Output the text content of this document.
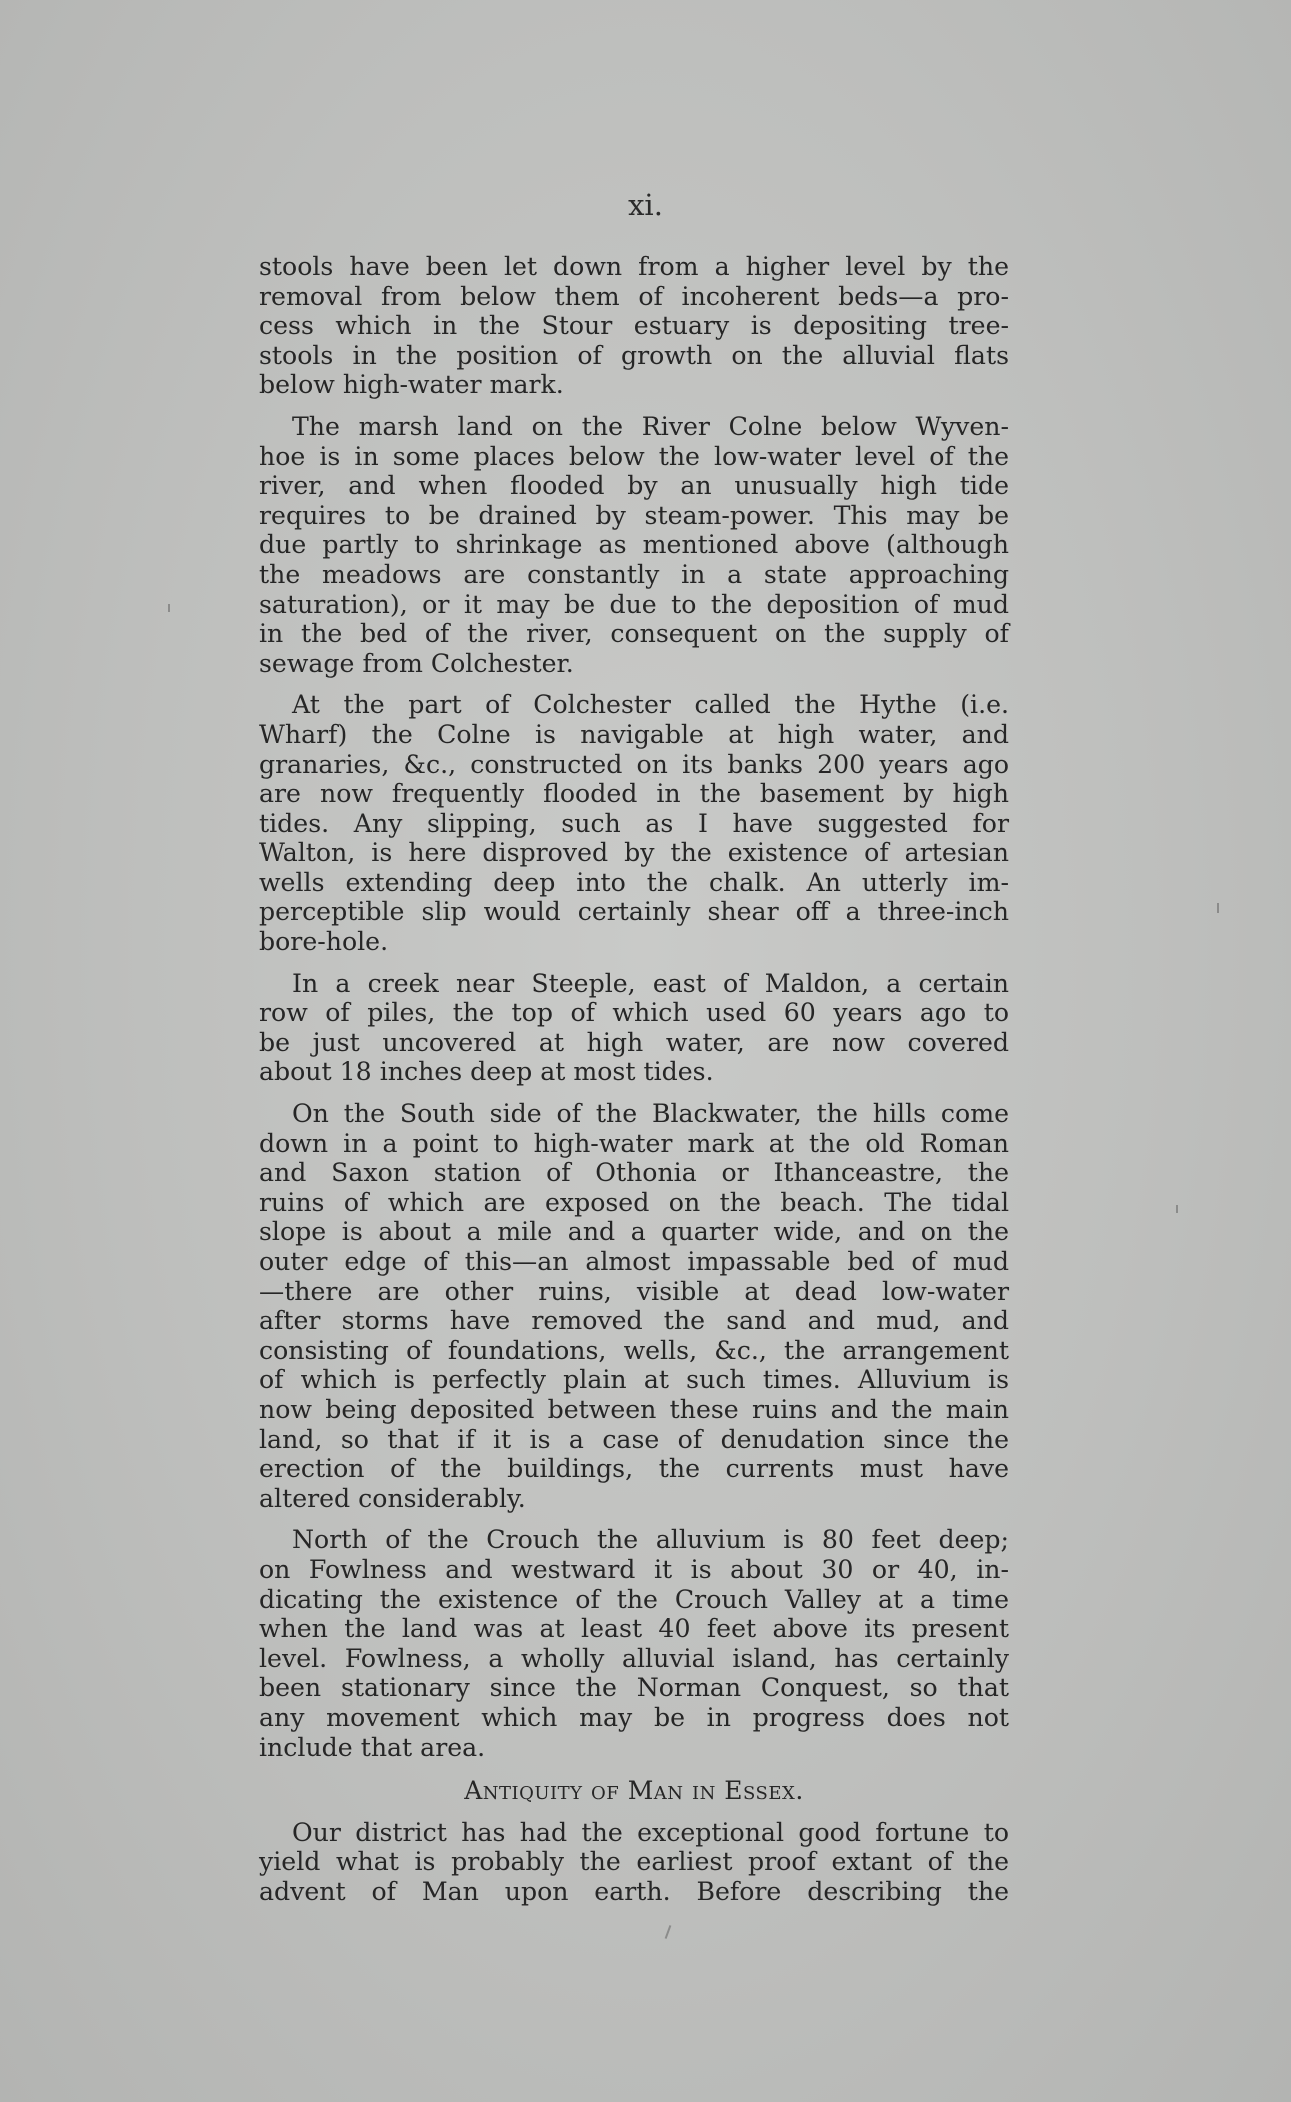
xi.
stools have been let down from a higher level by the
removal from below them of incoherent beds—a pro-
cess which in the Stour estuary is depositing tree-
stools in the position of growth on the alluvial flats
below high-water mark.
The marsh land on the River Colne below Wyven-
hoe is in some places below the low-water level of the
river, and when flooded by an unusually high tide
requires to be drained by steam-power. This may be
due partly to shrinkage as mentioned above (although
the meadows are constantly in a state approaching
saturation), or it may be due to the deposition of mud
in the bed of the river, consequent on the supply of
sewage from Colchester.
At the part of Colchester called the Hythe (i.e.
Wharf) the Colne is navigable at high water, and
granaries, &c., constructed on its banks 200 years ago
are now frequently flooded in the basement by high
tides. Any slipping, such as I have suggested for
Walton, is here disproved by the existence of artesian
wells extending deep into the chalk. An utterly im-
perceptible slip would certainly shear off a three-inch
bore-hole.
In a creek near Steeple, east of Maldon, a certain
row of piles, the top of which used 60 years ago to
be just uncovered at high water, are now covered
about 18 inches deep at most tides.
On the South side of the Blackwater, the hills come
down in a point to high-water mark at the old Roman
and Saxon station of Othonia or Ithanceastre, the
ruins of which are exposed on the beach. The tidal
slope is about a mile and a quarter wide, and on the
outer edge of this—an almost impassable bed of mud
—there are other ruins, visible at dead low-water
after storms have removed the sand and mud, and
consisting of foundations, wells, &c., the arrangement
of which is perfectly plain at such times. Alluvium is
now being deposited between these ruins and the main
land, so that if it is a case of denudation since the
erection of the buildings, the currents must have
altered considerably.
North of the Crouch the alluvium is 80 feet deep;
on Fowlness and westward it is about 30 or 40, in-
dicating the existence of the Crouch Valley at a time
when the land was at least 40 feet above its present
level. Fowlness, a wholly alluvial island, has certainly
been stationary since the Norman Conquest, so that
any movement which may be in progress does not
include that area.
Antiquity of Man in Essex.
Our district has had the exceptional good fortune to
yield what is probably the earliest proof extant of the
advent of Man upon earth. Before describing the
